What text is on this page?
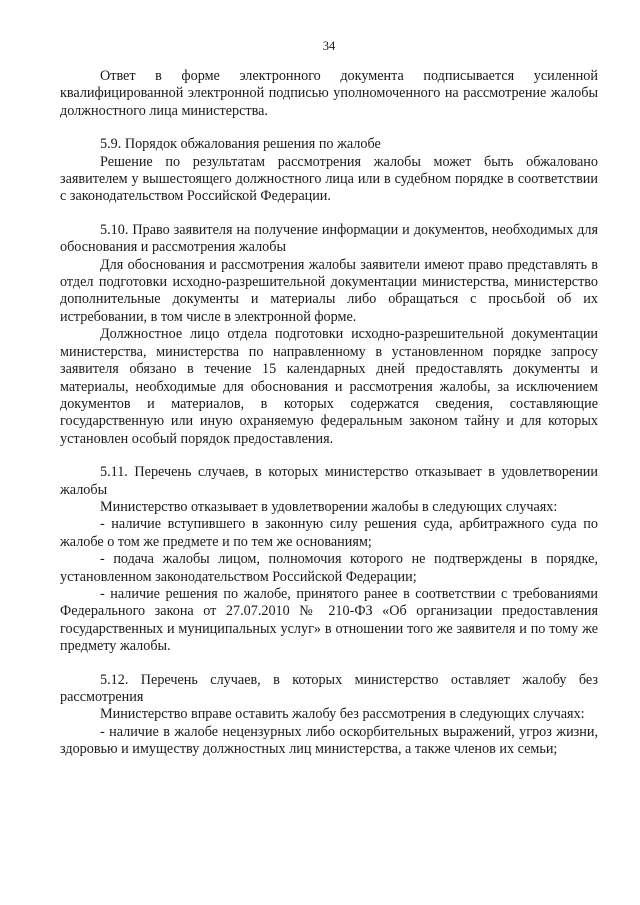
34

Ответ в форме электронного документа подписывается усиленной квалифицированной электронной подписью уполномоченного на рассмотрение жалобы должностного лица министерства.

5.9. Порядок обжалования решения по жалобе

Решение по результатам рассмотрения жалобы может быть обжаловано заявителем у вышестоящего должностного лица или в судебном порядке в соответствии с законодательством Российской Федерации.

5.10. Право заявителя на получение информации и документов, необходимых для обоснования и рассмотрения жалобы

Для обоснования и рассмотрения жалобы заявители имеют право представлять в отдел подготовки исходно-разрешительной документации министерства, министерство дополнительные документы и материалы либо обращаться с просьбой об их истребовании, в том числе в электронной форме.

Должностное лицо отдела подготовки исходно-разрешительной документации министерства, министерства по направленному в установленном порядке запросу заявителя обязано в течение 15 календарных дней предоставлять документы и материалы, необходимые для обоснования и рассмотрения жалобы, за исключением документов и материалов, в которых содержатся сведения, составляющие государственную или иную охраняемую федеральным законом тайну и для которых установлен особый порядок предоставления.

5.11. Перечень случаев, в которых министерство отказывает в удовлетворении жалобы

Министерство отказывает в удовлетворении жалобы в следующих случаях:

- наличие вступившего в законную силу решения суда, арбитражного суда по жалобе о том же предмете и по тем же основаниям;

- подача жалобы лицом, полномочия которого не подтверждены в порядке, установленном законодательством Российской Федерации;

- наличие решения по жалобе, принятого ранее в соответствии с требованиями Федерального закона от 27.07.2010 № 210-ФЗ «Об организации предоставления государственных и муниципальных услуг» в отношении того же заявителя и по тому же предмету жалобы.

5.12. Перечень случаев, в которых министерство оставляет жалобу без рассмотрения

Министерство вправе оставить жалобу без рассмотрения в следующих случаях:

- наличие в жалобе нецензурных либо оскорбительных выражений, угроз жизни, здоровью и имуществу должностных лиц министерства, а также членов их семьи;
